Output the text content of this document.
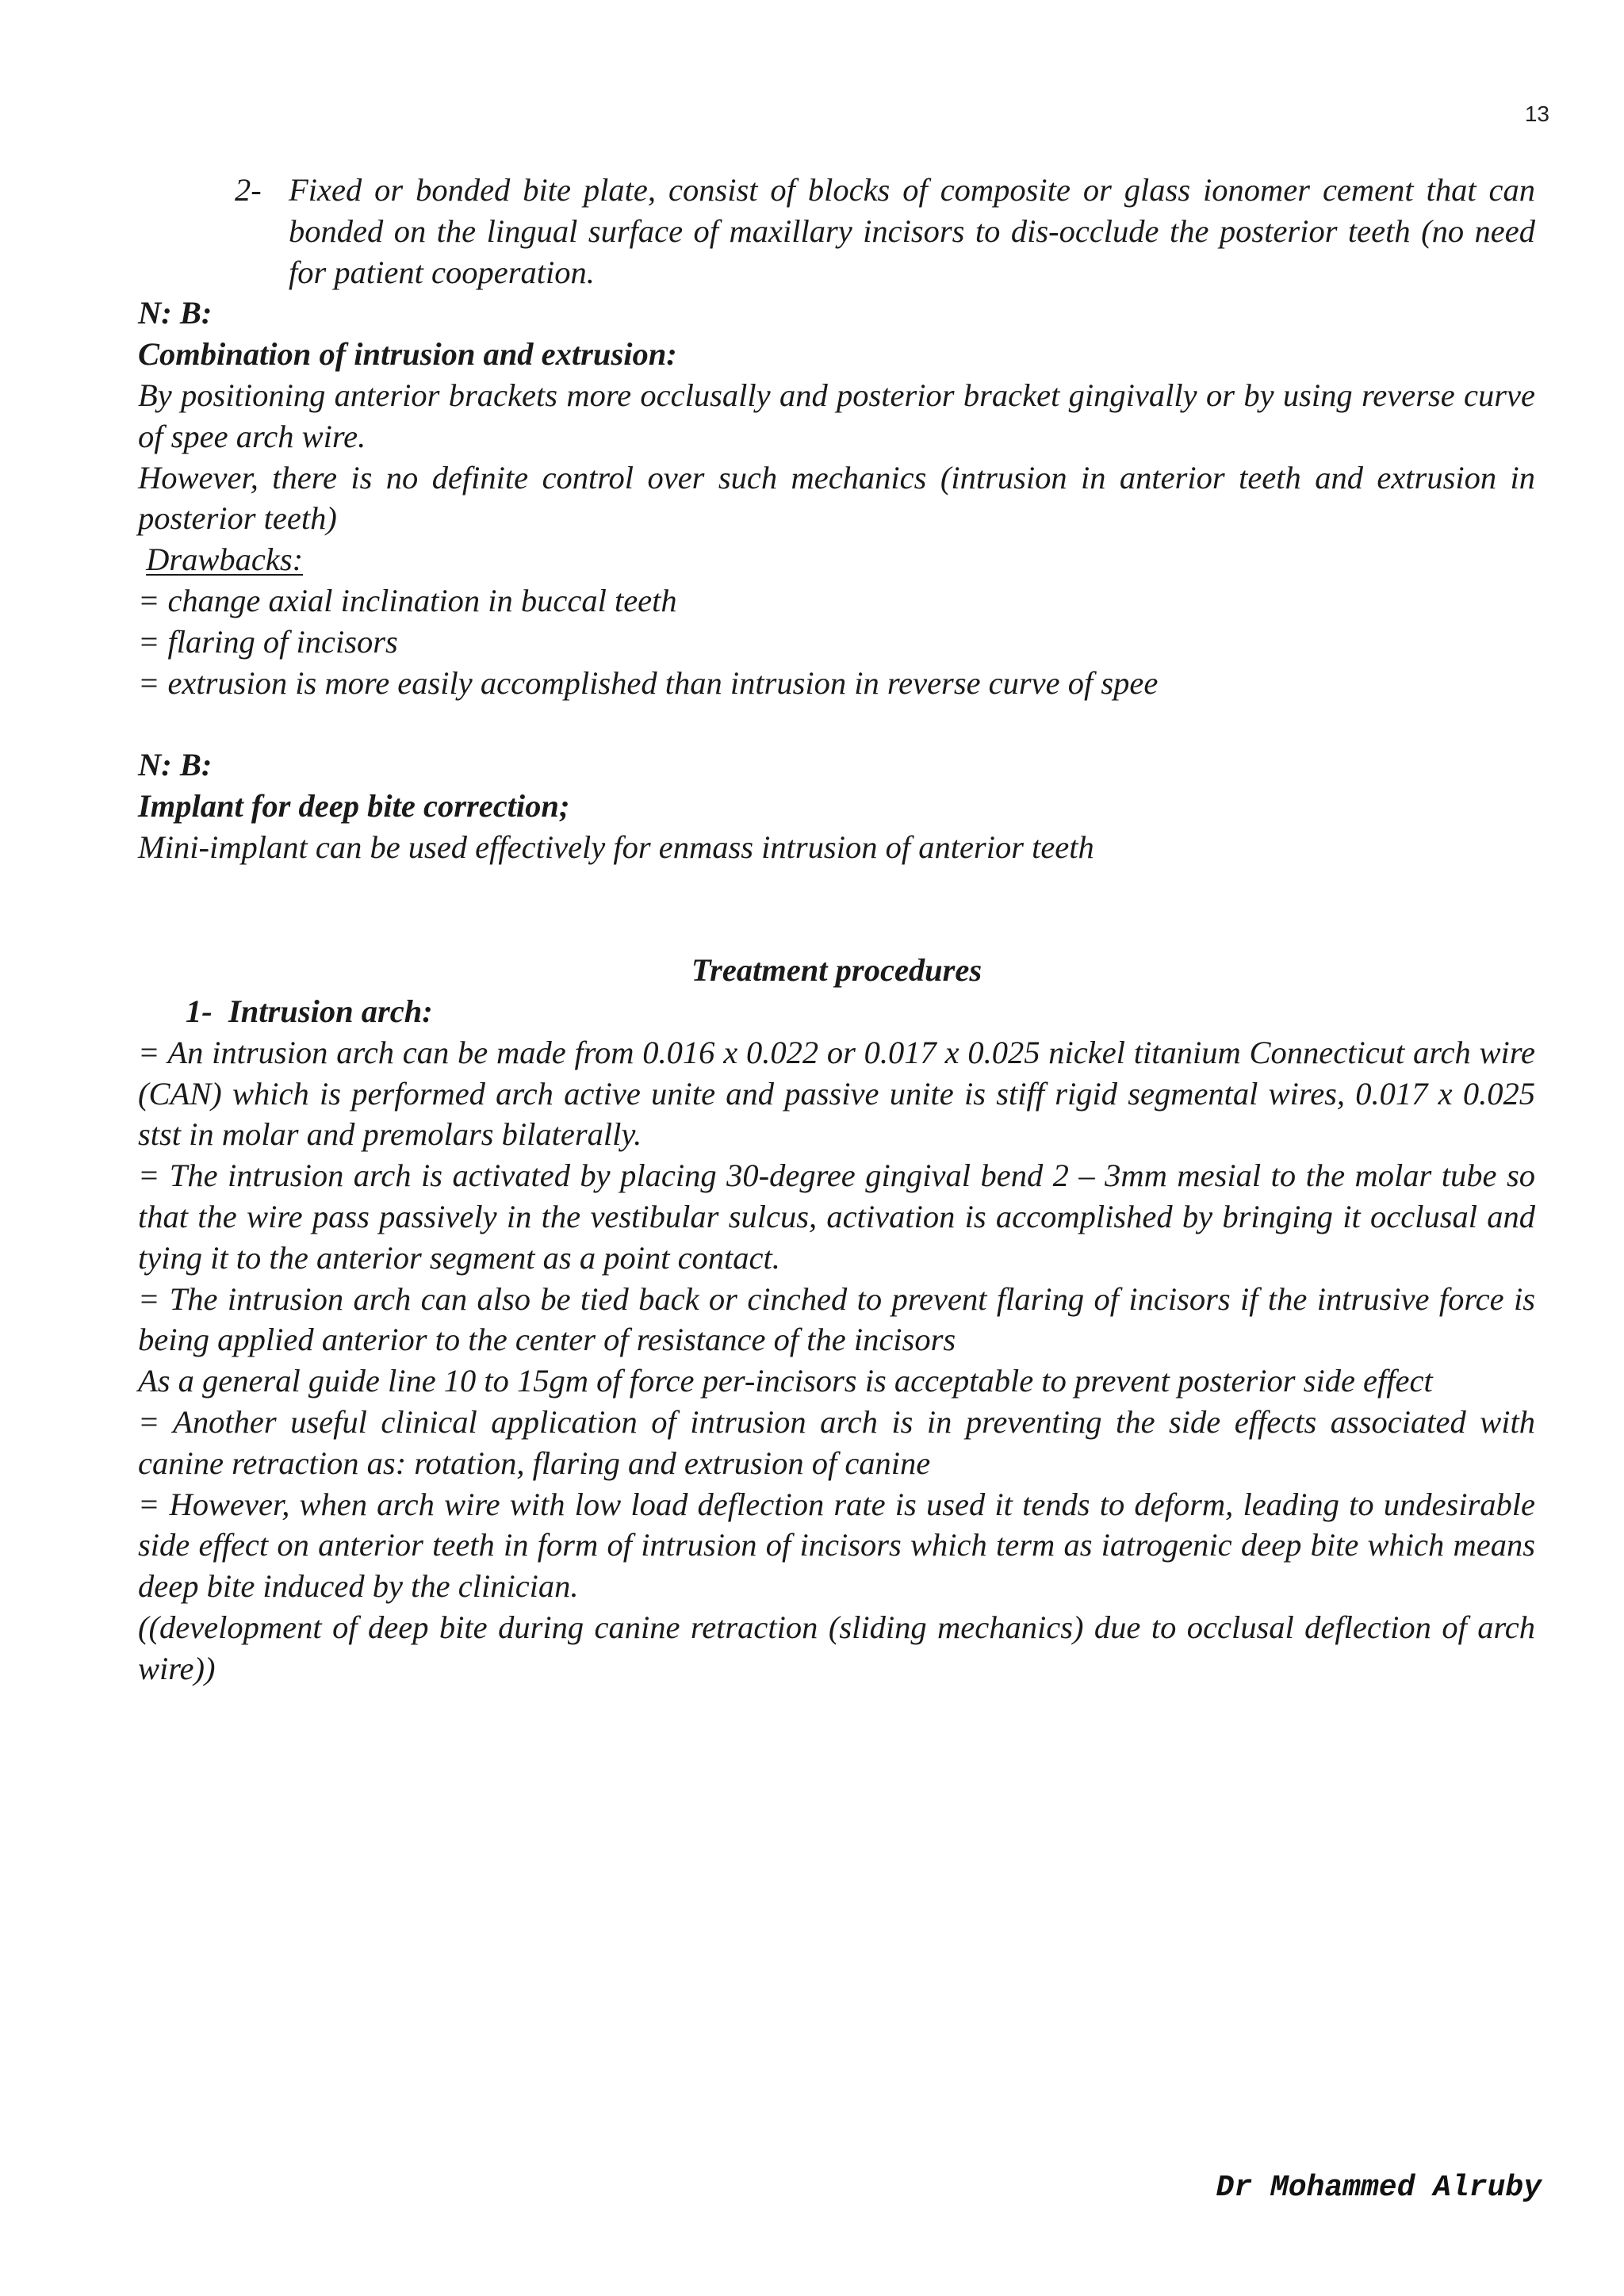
13

2- Fixed or bonded bite plate, consist of blocks of composite or glass ionomer cement that can bonded on the lingual surface of maxillary incisors to dis-occlude the posterior teeth (no need for patient cooperation.

N: B:

Combination of intrusion and extrusion:

By positioning anterior brackets more occlusally and posterior bracket gingivally or by using reverse curve of spee arch wire.

However, there is no definite control over such mechanics (intrusion in anterior teeth and extrusion in posterior teeth)

Drawbacks:

= change axial inclination in buccal teeth

= flaring of incisors

= extrusion is more easily accomplished than intrusion in reverse curve of spee

N: B:

Implant for deep bite correction;

Mini-implant can be used effectively for enmass intrusion of anterior teeth

Treatment procedures

1- Intrusion arch:

= An intrusion arch can be made from 0.016 x 0.022 or 0.017 x 0.025 nickel titanium Connecticut arch wire (CAN) which is performed arch active unite and passive unite is stiff rigid segmental wires, 0.017 x 0.025 stst in molar and premolars bilaterally.

= The intrusion arch is activated by placing 30-degree gingival bend 2 – 3mm mesial to the molar tube so that the wire pass passively in the vestibular sulcus, activation is accomplished by bringing it occlusal and tying it to the anterior segment as a point contact.

= The intrusion arch can also be tied back or cinched to prevent flaring of incisors if the intrusive force is being applied anterior to the center of resistance of the incisors

As a general guide line 10 to 15gm of force per-incisors is acceptable to prevent posterior side effect

= Another useful clinical application of intrusion arch is in preventing the side effects associated with canine retraction as: rotation, flaring and extrusion of canine

= However, when arch wire with low load deflection rate is used it tends to deform, leading to undesirable side effect on anterior teeth in form of intrusion of incisors which term as iatrogenic deep bite which means deep bite induced by the clinician.

((development of deep bite during canine retraction (sliding mechanics) due to occlusal deflection of arch wire))

Dr Mohammed Alruby
